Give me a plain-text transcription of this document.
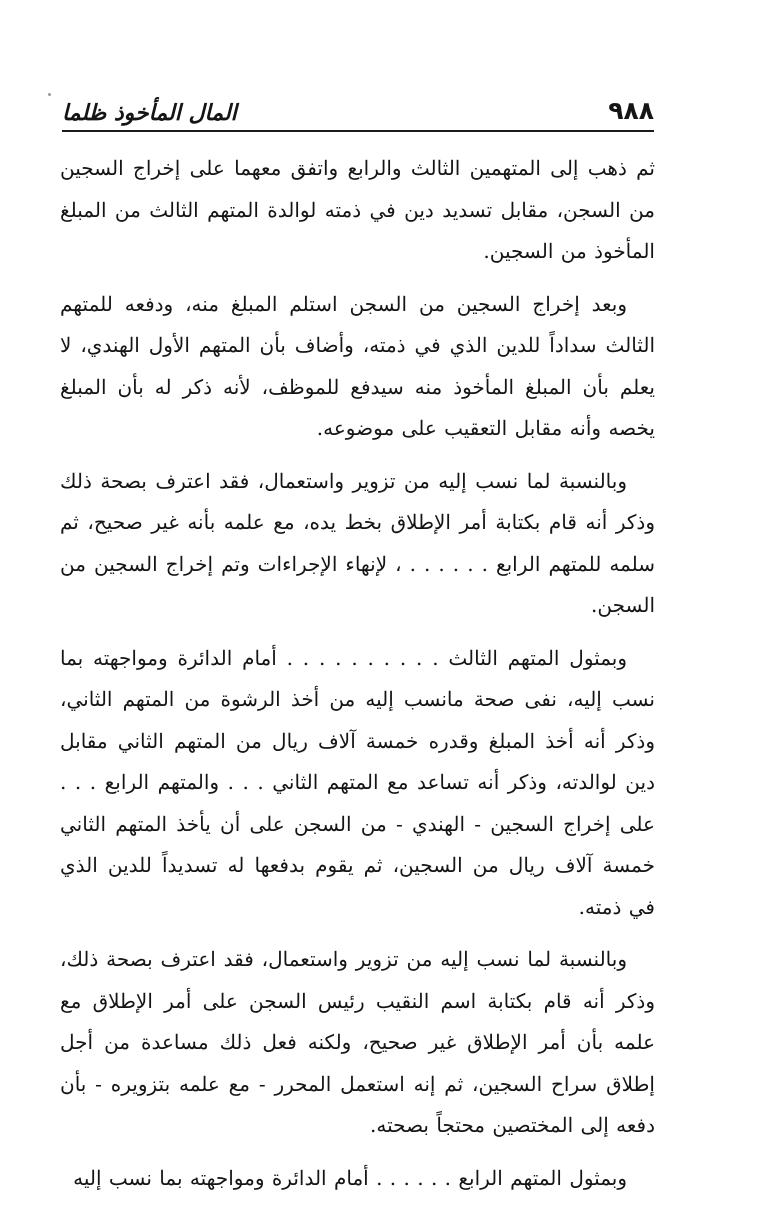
٩٨٨
المال المأخوذ ظلما

ثم ذهب إلى المتهمين الثالث والرابع واتفق معهما على إخراج السجين من السجن، مقابل تسديد دين في ذمته لوالدة المتهم الثالث من المبلغ المأخوذ من السجين.

وبعد إخراج السجين من السجن استلم المبلغ منه، ودفعه للمتهم الثالث سداداً للدين الذي في ذمته، وأضاف بأن المتهم الأول الهندي، لا يعلم بأن المبلغ المأخوذ منه سيدفع للموظف، لأنه ذكر له بأن المبلغ يخصه وأنه مقابل التعقيب على موضوعه.

وبالنسبة لما نسب إليه من تزوير واستعمال، فقد اعترف بصحة ذلك وذكر أنه قام بكتابة أمر الإطلاق بخط يده، مع علمه بأنه غير صحيح، ثم سلمه للمتهم الرابع . . . . . . ، لإنهاء الإجراءات وتم إخراج السجين من السجن.

وبمثول المتهم الثالث . . . . . . . . . . أمام الدائرة ومواجهته بما نسب إليه، نفى صحة مانسب إليه من أخذ الرشوة من المتهم الثاني، وذكر أنه أخذ المبلغ وقدره خمسة آلاف ريال من المتهم الثاني مقابل دين لوالدته، وذكر أنه تساعد مع المتهم الثاني . . . والمتهم الرابع . . . على إخراج السجين - الهندي - من السجن على أن يأخذ المتهم الثاني خمسة آلاف ريال من السجين، ثم يقوم بدفعها له تسديداً للدين الذي في ذمته.

وبالنسبة لما نسب إليه من تزوير واستعمال، فقد اعترف بصحة ذلك، وذكر أنه قام بكتابة اسم النقيب رئيس السجن على أمر الإطلاق مع علمه بأن أمر الإطلاق غير صحيح، ولكنه فعل ذلك مساعدة من أجل إطلاق سراح السجين، ثم إنه استعمل المحرر - مع علمه بتزويره - بأن دفعه إلى المختصين محتجاً بصحته.

وبمثول المتهم الرابع . . . . . . أمام الدائرة ومواجهته بما نسب إليه
